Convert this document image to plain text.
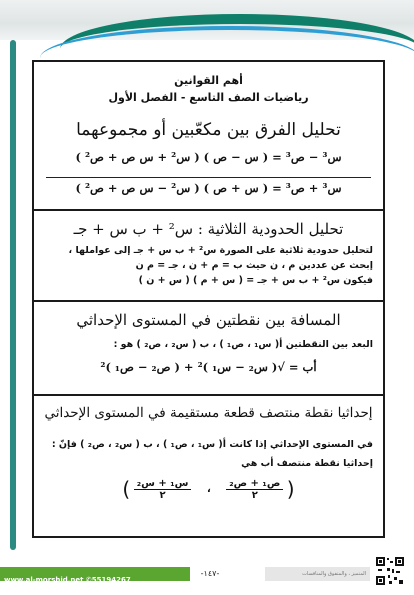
أهم القوانين
رياضيات الصف التاسع - الفصل الأول
تحليل الفرق بين مكعّبين أو مجموعهما
س³ − ص³ = ( س − ص ) ( س² + س ص + ص² )
س³ + ص³ = ( س + ص ) ( س² − س ص + ص² )
تحليل الحدودية الثلاثية : س² + ب س + جـ
لتحليل حدودية ثلاثية على الصورة س² + ب س + جـ إلى عواملها ،
إبحث عن عددين م ، ن حيث ب = م + ن ، جـ = م ن
فيكون س² + ب س + جـ = ( س + م ) ( س + ن )
المسافة بين نقطتين في المستوى الإحداثي
البعد بين النقطتين أ( س₁ ، ص₁ ) ، ب ( س₂ ، ص₂ ) هو :
أب = √( س₂ − س₁ )² + ( ص₂ − ص₁ )²
إحداثيا نقطة منتصف قطعة مستقيمة في المستوى الإحداثي
في المستوى الإحداثي إذا كانت أ( س₁ ، ص₁ ) ، ب ( س₂ ، ص₂ ) فإنّ :
إحداثيا نقطة منتصف أب هي
( س₁ + س₂
٢	،
ص₁ + ص₂
٢	)
www.al-morshid.net ✆55194267
-١٤٧-	المتميز ، والمتفوق والمنافسات
